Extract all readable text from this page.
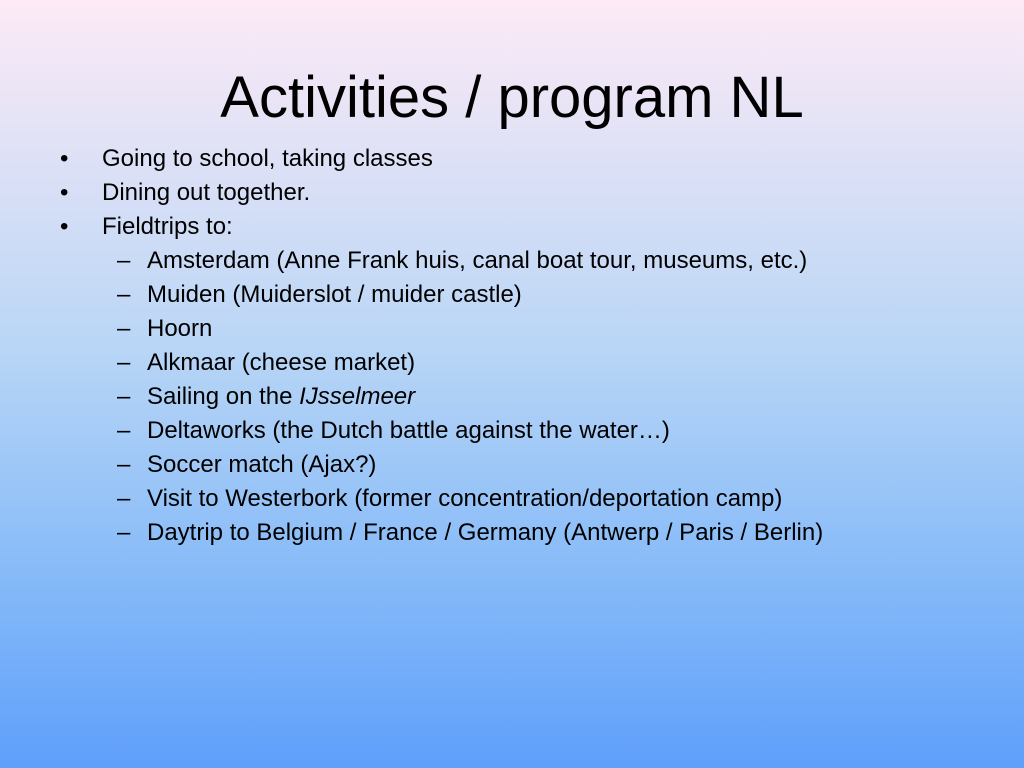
Activities / program NL
• Going to school, taking classes
• Dining out together.
• Fieldtrips to:
– Amsterdam (Anne Frank huis, canal boat tour, museums, etc.)
– Muiden (Muiderslot / muider castle)
– Hoorn
– Alkmaar (cheese market)
– Sailing on the IJsselmeer
– Deltaworks (the Dutch battle against the water…)
– Soccer match (Ajax?)
– Visit to Westerbork (former concentration/deportation camp)
– Daytrip to Belgium / France / Germany (Antwerp / Paris / Berlin)
